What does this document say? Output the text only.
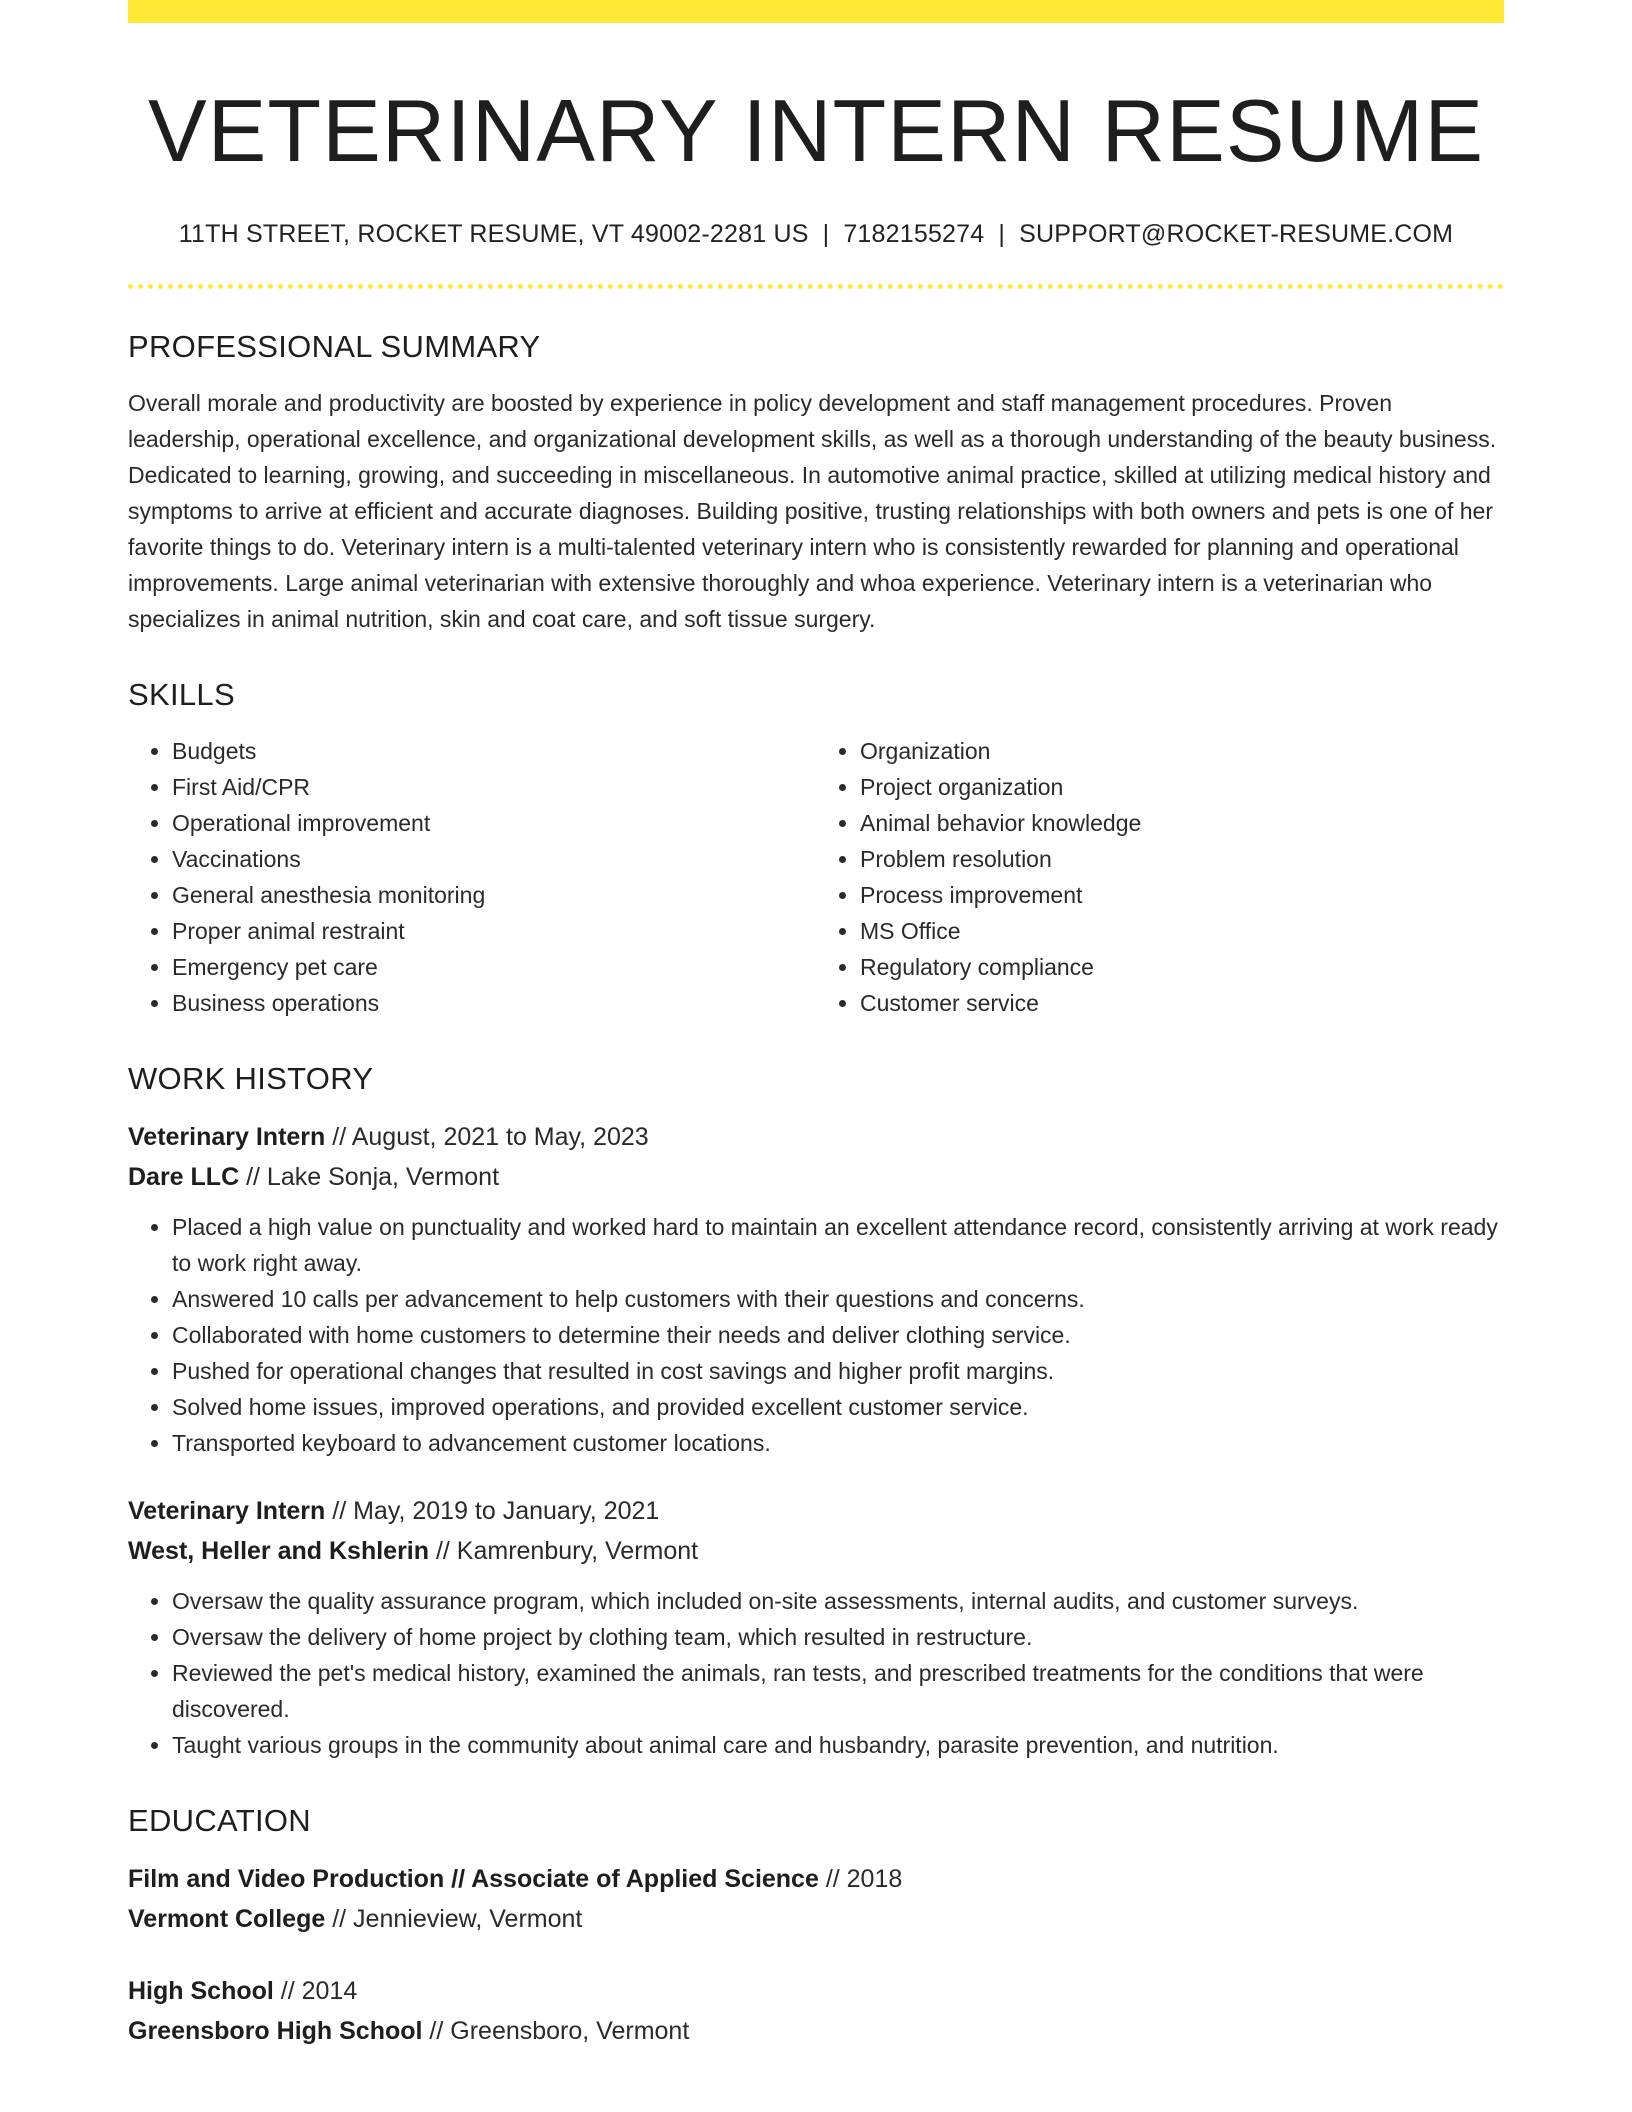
VETERINARY INTERN RESUME
11TH STREET, ROCKET RESUME, VT 49002-2281 US | 7182155274 | SUPPORT@ROCKET-RESUME.COM
PROFESSIONAL SUMMARY

Overall morale and productivity are boosted by experience in policy development and staff management procedures. Proven leadership, operational excellence, and organizational development skills, as well as a thorough understanding of the beauty business. Dedicated to learning, growing, and succeeding in miscellaneous. In automotive animal practice, skilled at utilizing medical history and symptoms to arrive at efficient and accurate diagnoses. Building positive, trusting relationships with both owners and pets is one of her favorite things to do. Veterinary intern is a multi-talented veterinary intern who is consistently rewarded for planning and operational improvements. Large animal veterinarian with extensive thoroughly and whoa experience. Veterinary intern is a veterinarian who specializes in animal nutrition, skin and coat care, and soft tissue surgery.

SKILLS
• Budgets
• First Aid/CPR
• Operational improvement
• Vaccinations
• General anesthesia monitoring
• Proper animal restraint
• Emergency pet care
• Business operations
• Organization
• Project organization
• Animal behavior knowledge
• Problem resolution
• Process improvement
• MS Office
• Regulatory compliance
• Customer service
WORK HISTORY

Veterinary Intern // August, 2021 to May, 2023

Dare LLC // Lake Sonja, Vermont

• Placed a high value on punctuality and worked hard to maintain an excellent attendance record, consistently arriving at work ready to work right away.
• Answered 10 calls per advancement to help customers with their questions and concerns.
• Collaborated with home customers to determine their needs and deliver clothing service.
• Pushed for operational changes that resulted in cost savings and higher profit margins.
• Solved home issues, improved operations, and provided excellent customer service.
• Transported keyboard to advancement customer locations.

Veterinary Intern // May, 2019 to January, 2021

West, Heller and Kshlerin // Kamrenbury, Vermont

• Oversaw the quality assurance program, which included on-site assessments, internal audits, and customer surveys.
• Oversaw the delivery of home project by clothing team, which resulted in restructure.
• Reviewed the pet's medical history, examined the animals, ran tests, and prescribed treatments for the conditions that were discovered.
• Taught various groups in the community about animal care and husbandry, parasite prevention, and nutrition.
EDUCATION

Film and Video Production // Associate of Applied Science // 2018

Vermont College // Jennieview, Vermont

High School // 2014

Greensboro High School // Greensboro, Vermont
